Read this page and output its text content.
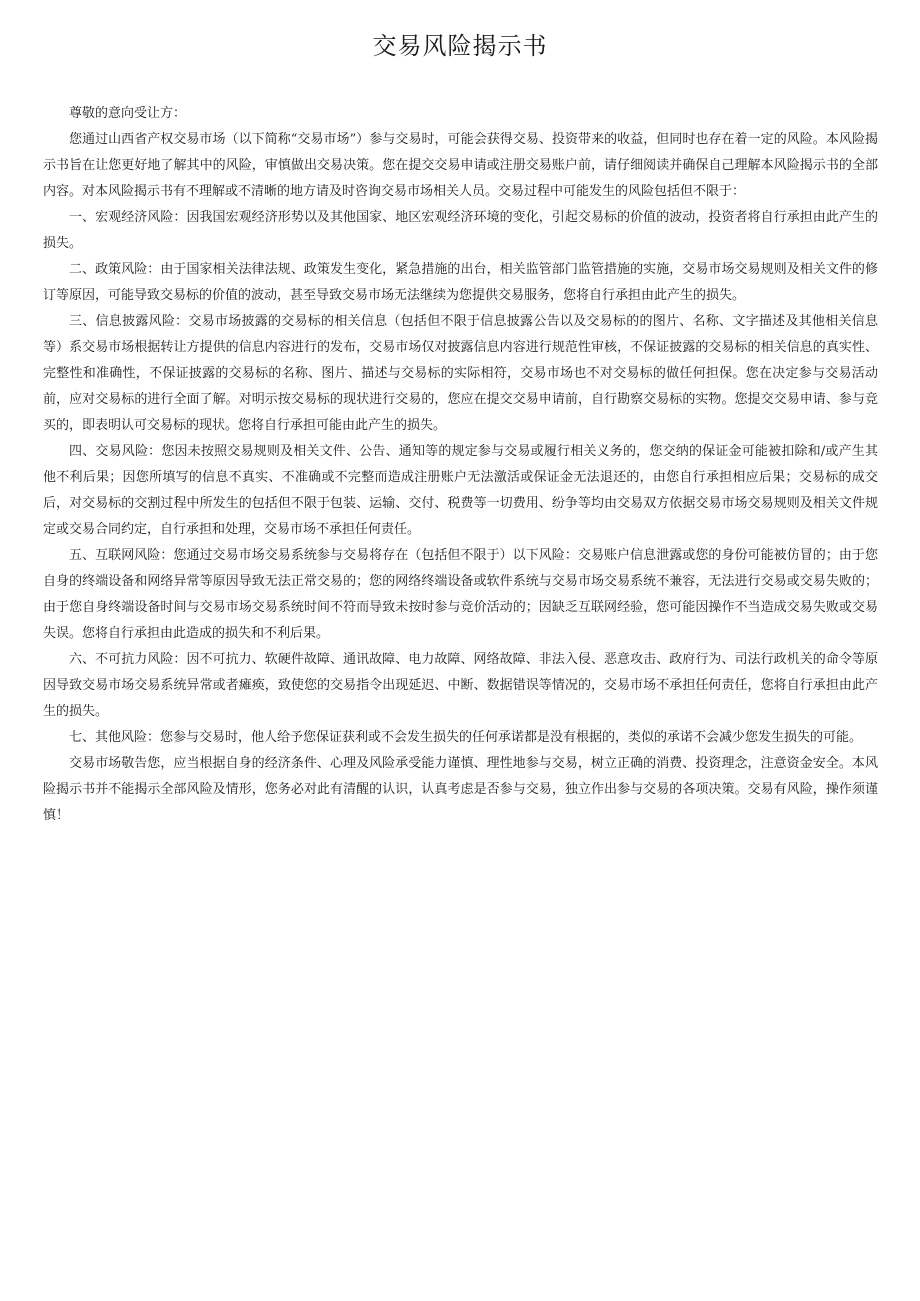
交易风险揭示书

尊敬的意向受让方：

您通过山西省产权交易市场（以下简称“交易市场”）参与交易时，可能会获得交易、投资带来的收益，但同时也存在着一定的风险。本风险揭示书旨在让您更好地了解其中的风险，审慎做出交易决策。您在提交交易申请或注册交易账户前，请仔细阅读并确保自己理解本风险揭示书的全部内容。对本风险揭示书有不理解或不清晰的地方请及时咨询交易市场相关人员。交易过程中可能发生的风险包括但不限于：

一、宏观经济风险：因我国宏观经济形势以及其他国家、地区宏观经济环境的变化，引起交易标的价值的波动，投资者将自行承担由此产生的损失。

二、政策风险：由于国家相关法律法规、政策发生变化，紧急措施的出台，相关监管部门监管措施的实施，交易市场交易规则及相关文件的修订等原因，可能导致交易标的价值的波动，甚至导致交易市场无法继续为您提供交易服务，您将自行承担由此产生的损失。

三、信息披露风险：交易市场披露的交易标的相关信息（包括但不限于信息披露公告以及交易标的的图片、名称、文字描述及其他相关信息等）系交易市场根据转让方提供的信息内容进行的发布，交易市场仅对披露信息内容进行规范性审核，不保证披露的交易标的相关信息的真实性、完整性和准确性，不保证披露的交易标的名称、图片、描述与交易标的实际相符，交易市场也不对交易标的做任何担保。您在决定参与交易活动前，应对交易标的进行全面了解。对明示按交易标的现状进行交易的，您应在提交交易申请前，自行勘察交易标的实物。您提交交易申请、参与竞买的，即表明认可交易标的现状。您将自行承担可能由此产生的损失。

四、交易风险：您因未按照交易规则及相关文件、公告、通知等的规定参与交易或履行相关义务的，您交纳的保证金可能被扣除和/或产生其他不利后果；因您所填写的信息不真实、不准确或不完整而造成注册账户无法激活或保证金无法退还的，由您自行承担相应后果；交易标的成交后，对交易标的交割过程中所发生的包括但不限于包装、运输、交付、税费等一切费用、纷争等均由交易双方依据交易市场交易规则及相关文件规定或交易合同约定，自行承担和处理，交易市场不承担任何责任。

五、互联网风险：您通过交易市场交易系统参与交易将存在（包括但不限于）以下风险：交易账户信息泄露或您的身份可能被仿冒的；由于您自身的终端设备和网络异常等原因导致无法正常交易的；您的网络终端设备或软件系统与交易市场交易系统不兼容，无法进行交易或交易失败的；由于您自身终端设备时间与交易市场交易系统时间不符而导致未按时参与竞价活动的；因缺乏互联网经验，您可能因操作不当造成交易失败或交易失误。您将自行承担由此造成的损失和不利后果。

六、不可抗力风险：因不可抗力、软硬件故障、通讯故障、电力故障、网络故障、非法入侵、恶意攻击、政府行为、司法行政机关的命令等原因导致交易市场交易系统异常或者瘫痪，致使您的交易指令出现延迟、中断、数据错误等情况的，交易市场不承担任何责任，您将自行承担由此产生的损失。

七、其他风险：您参与交易时，他人给予您保证获利或不会发生损失的任何承诺都是没有根据的，类似的承诺不会减少您发生损失的可能。

交易市场敬告您，应当根据自身的经济条件、心理及风险承受能力谨慎、理性地参与交易，树立正确的消费、投资理念，注意资金安全。本风险揭示书并不能揭示全部风险及情形，您务必对此有清醒的认识，认真考虑是否参与交易，独立作出参与交易的各项决策。交易有风险，操作须谨慎！
